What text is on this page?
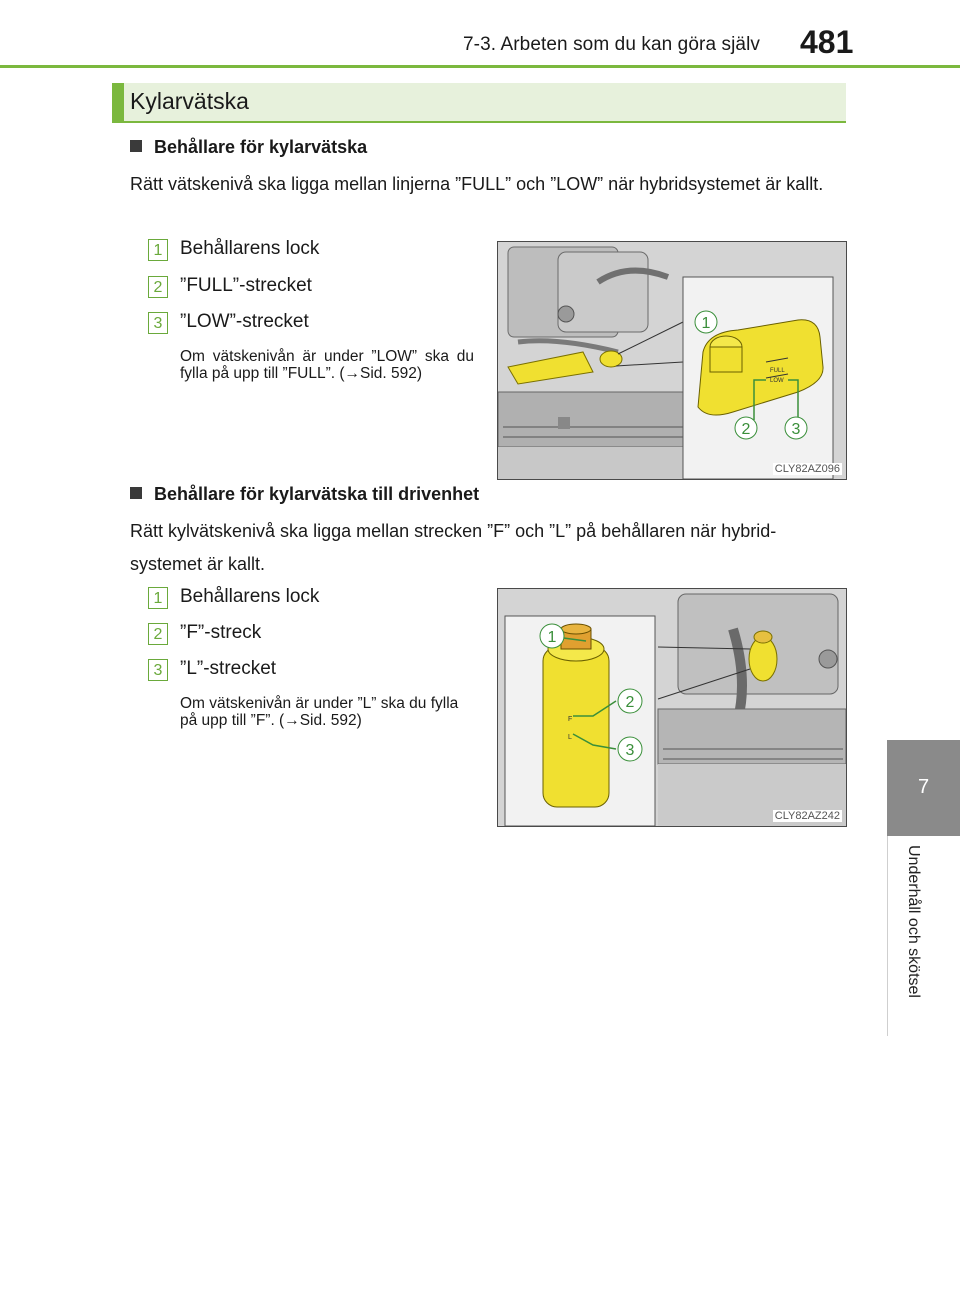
7-3. Arbeten som du kan göra själv 481
7
Underhåll och skötsel
Kylarvätska
Behållare för kylarvätska
Rätt vätskenivå ska ligga mellan linjerna ”FULL” och ”LOW” när hybridsystemet är kallt.
1 Behållarens lock
2 ”FULL”-strecket
3 ”LOW”-strecket
Om vätskenivån är under ”LOW” ska du fylla på upp till ”FULL”. (→Sid. 592)	FULL
LOW
1
2	3
CLY82AZ096
Behållare för kylarvätska till drivenhet
Rätt kylvätskenivå ska ligga mellan strecken ”F” och ”L” på behållaren när hybrid-systemet är kallt.
1 Behållarens lock
2 ”F”-streck
3 ”L”-strecket
Om vätskenivån är under ”L” ska du fylla på upp till ”F”. (→Sid. 592)	F
L
1
2
3
CLY82AZ242
